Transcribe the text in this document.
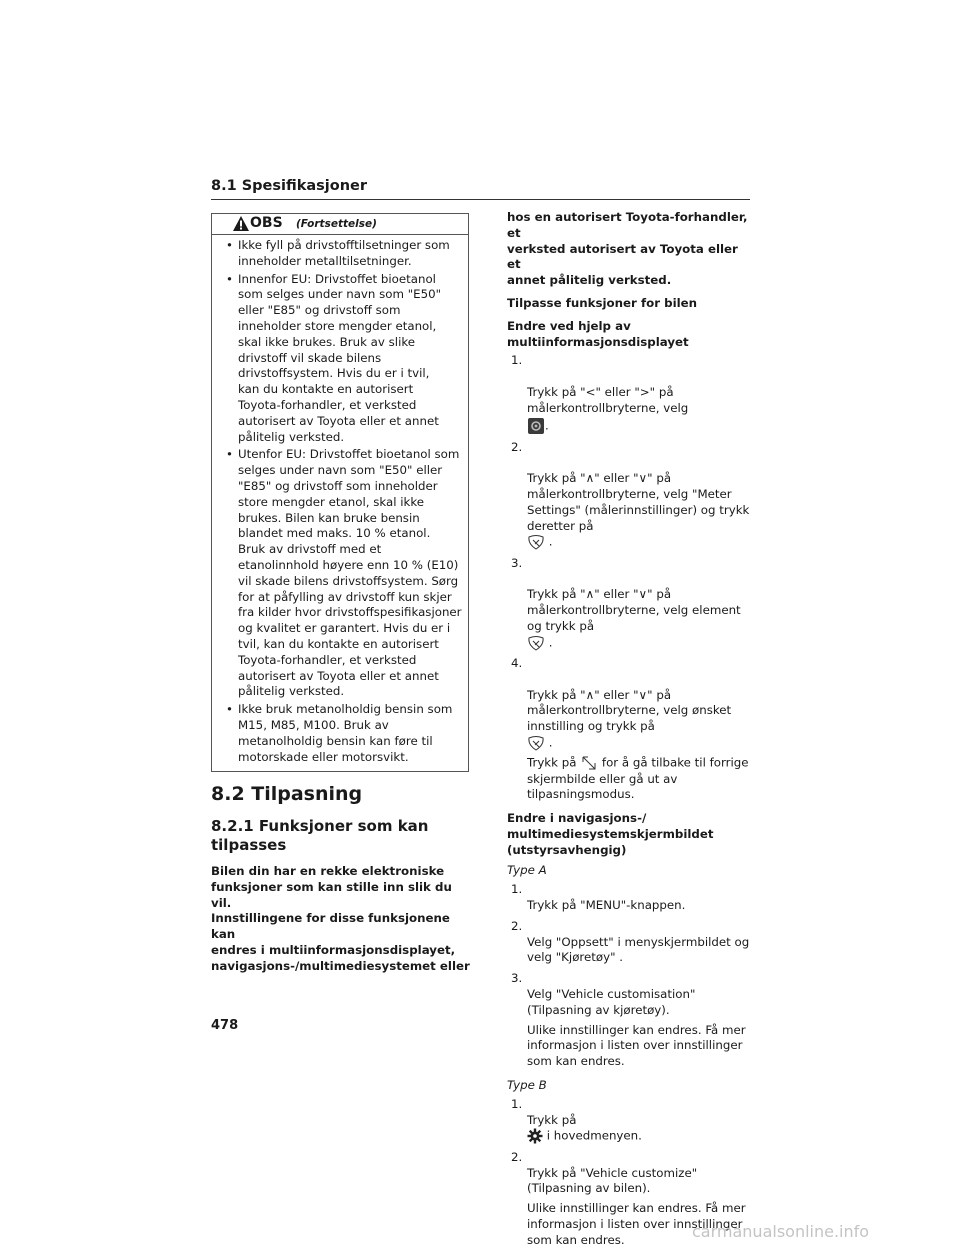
8.1 Spesifikasjoner
OBS (Fortsettelse)
• Ikke fyll på drivstofftilsetninger som
inneholder metalltilsetninger.
• Innenfor EU: Drivstoffet bioetanol
som selges under navn som "E50"
eller "E85" og drivstoff som
inneholder store mengder etanol,
skal ikke brukes. Bruk av slike
drivstoff vil skade bilens
drivstoffsystem. Hvis du er i tvil,
kan du kontakte en autorisert
Toyota-forhandler, et verksted
autorisert av Toyota eller et annet
pålitelig verksted.
• Utenfor EU: Drivstoffet bioetanol som
selges under navn som "E50" eller
"E85" og drivstoff som inneholder
store mengder etanol, skal ikke
brukes. Bilen kan bruke bensin
blandet med maks. 10 % etanol.
Bruk av drivstoff med et
etanolinnhold høyere enn 10 % (E10)
vil skade bilens drivstoffsystem. Sørg
for at påfylling av drivstoff kun skjer
fra kilder hvor drivstoffspesifikasjoner
og kvalitet er garantert. Hvis du er i
tvil, kan du kontakte en autorisert
Toyota-forhandler, et verksted
autorisert av Toyota eller et annet
pålitelig verksted.
• Ikke bruk metanolholdig bensin som
M15, M85, M100. Bruk av
metanolholdig bensin kan føre til
motorskade eller motorsvikt.
8.2 Tilpasning
8.2.1 Funksjoner som kan
tilpasses
Bilen din har en rekke elektroniske
funksjoner som kan stille inn slik du vil.
Innstillingene for disse funksjonene kan
endres i multiinformasjonsdisplayet,
navigasjons-/multimediesystemet eller
hos en autorisert Toyota-forhandler, et
verksted autorisert av Toyota eller et
annet pålitelig verksted.
Tilpasse funksjoner for bilen
Endre ved hjelp av
multiinformasjonsdisplayet

1.

Trykk på "<" eller ">" på
målerkontrollbryterne, velg
.

2.

Trykk på "∧" eller "∨" på
målerkontrollbryterne, velg "Meter
Settings" (målerinnstillinger) og trykk
deretter på
.

3.

Trykk på "∧" eller "∨" på
målerkontrollbryterne, velg element
og trykk på
.

4.

Trykk på "∧" eller "∨" på
målerkontrollbryterne, velg ønsket
innstilling og trykk på
.

Trykk på  for å gå tilbake til forrige
skjermbilde eller gå ut av
tilpasningsmodus.
Endre i navigasjons-/
multimediesystemskjermbildet
(utstyrsavhengig)
Type A

1.
Trykk på "MENU"-knappen.

2.
Velg "Oppsett" i menyskjermbildet og
velg "Kjøretøy" .

3.
Velg "Vehicle customisation"
(Tilpasning av kjøretøy).

Ulike innstillinger kan endres. Få mer
informasjon i listen over innstillinger
som kan endres.
Type B

1.
Trykk på
i hovedmenyen.

2.
Trykk på "Vehicle customize"
(Tilpasning av bilen).

Ulike innstillinger kan endres. Få mer
informasjon i listen over innstillinger
som kan endres.
478
carmanualsonline.info
